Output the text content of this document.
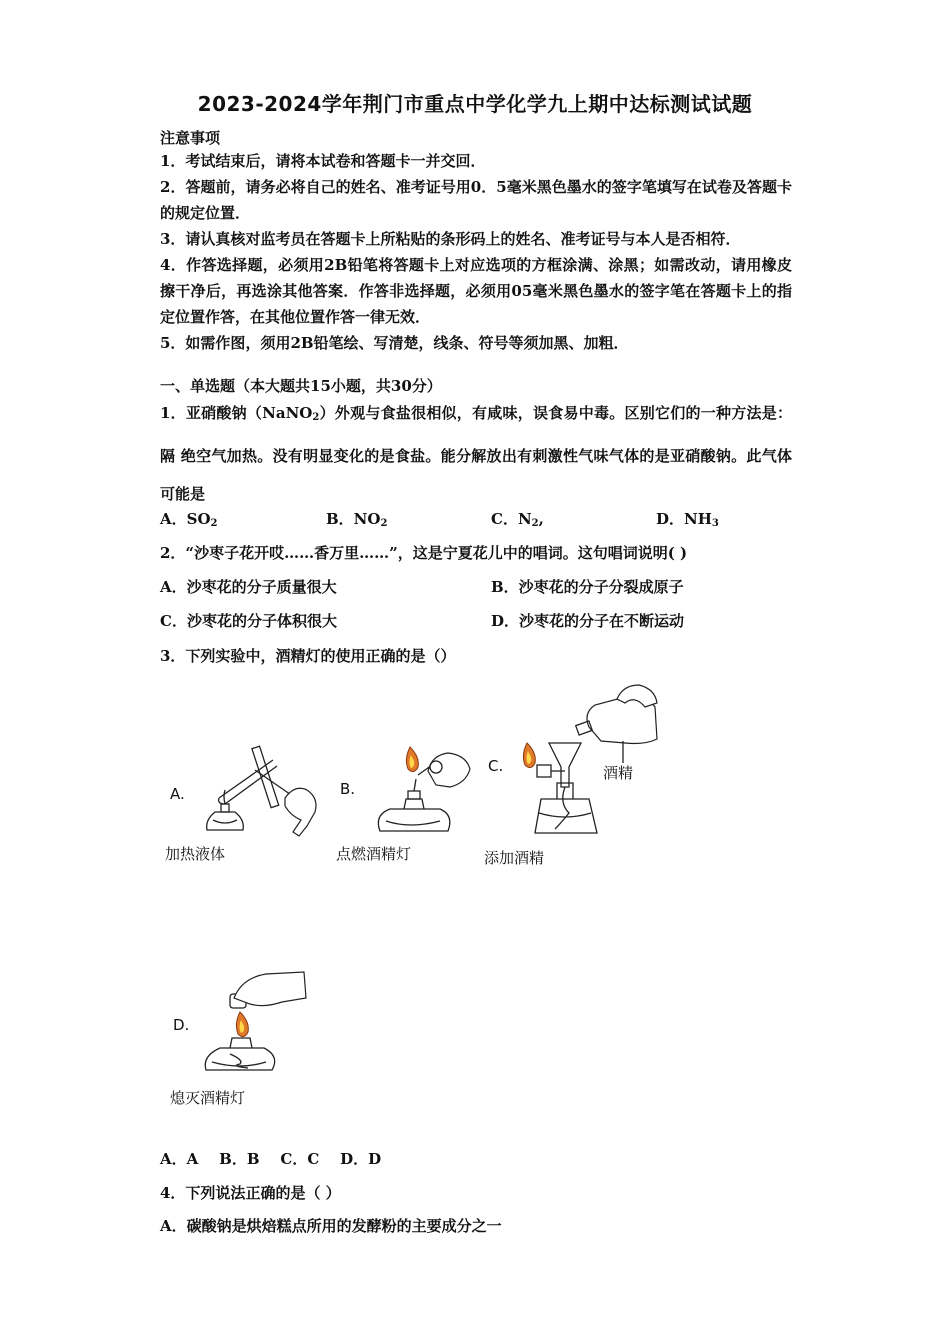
2023-2024学年荆门市重点中学化学九上期中达标测试试题
注意事项
1．考试结束后，请将本试卷和答题卡一并交回．
2．答题前，请务必将自己的姓名、准考证号用0．5毫米黑色墨水的签字笔填写在试卷及答题卡的规定位置．
3．请认真核对监考员在答题卡上所粘贴的条形码上的姓名、准考证号与本人是否相符．
4．作答选择题，必须用2B铅笔将答题卡上对应选项的方框涂满、涂黑；如需改动，请用橡皮擦干净后，再选涂其他答案．作答非选择题，必须用05毫米黑色墨水的签字笔在答题卡上的指定位置作答，在其他位置作答一律无效．
5．如需作图，须用2B铅笔绘、写清楚，线条、符号等须加黑、加粗．
一、单选题（本大题共15小题，共30分）
1．亚硝酸钠（NaNO$_2$）外观与食盐很相似，有咸味，误食易中毒。区别它们的一种方法是：隔 绝空气加热。没有明显变化的是食盐。能分解放出有刺激性气味气体的是亚硝酸钠。此气体可能是
A．$SO_2$	B．$NO_2$	C．$N_2$,	D．$NH_3$
2．“沙枣子花开哎……香万里……”，这是宁夏花儿中的唱词。这句唱词说明( )
A．沙枣花的分子质量很大	B．沙枣花的分子分裂成原子
C．沙枣花的分子体积很大	D．沙枣花的分子在不断运动
3．下列实验中，酒精灯的使用正确的是（）
A.
加热液体
B.
点燃酒精灯
C.	酒精
添加酒精
D.
熄灭酒精灯
A．A    B．B    C．C    D．D
4．下列说法正确的是（ ）
A．碳酸钠是烘焙糕点所用的发酵粉的主要成分之一
